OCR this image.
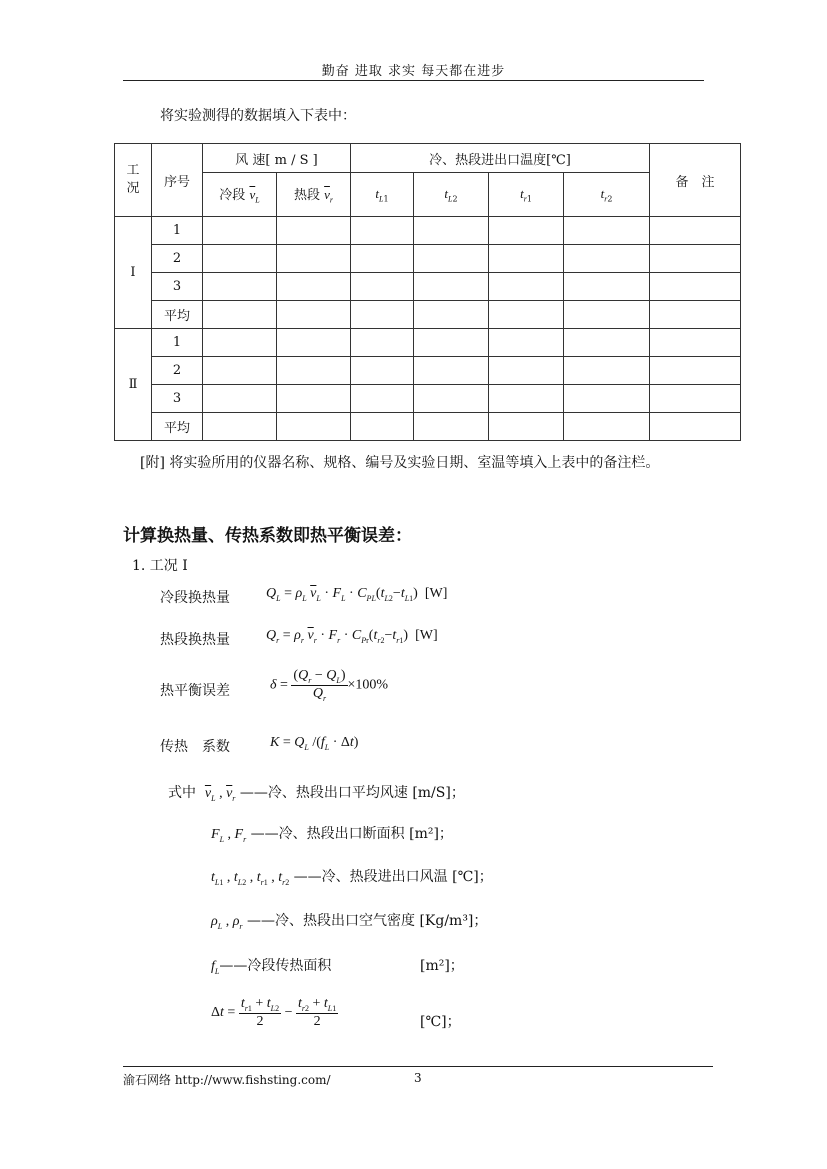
勤奋 进取 求实 每天都在进步
将实验测得的数据填入下表中：
工况	序号	风 速[ m / S ]		冷、热段进出口温度[℃]				备　注
		冷段 $\overline{v}_L$	热段 $\overline{v}_r$	$t_{L1}$	$t_{L2}$	$t_{r1}$	$t_{r2}$
Ⅰ	1							
	2							
	3							
	平均							
Ⅱ	1							
	2							
	3							
	平均							
[附] 将实验所用的仪器名称、规格、编号及实验日期、室温等填入上表中的备注栏。
计算换热量、传热系数即热平衡误差：
1. 工况 Ⅰ
冷段换热量	$Q_L = \rho_L$ $\overline{v}_L \cdot F_L \cdot C_{PL}(t_{L2}-t_{L1})$  [W]
热段换热量	$Q_r = \rho_r$ $\overline{v}_r \cdot F_r \cdot C_{Pr}(t_{r2}-t_{r1})$  [W]
热平衡误差	$\delta = \frac{(Q_r - Q_L)}{Q_r} \times 100\%$
传热　系数	$K = Q_L$ $/(f_L \cdot \Delta t)$
式中 $\overline{v}_L$ , $\overline{v}_r$ ——冷、热段出口平均风速 [m/S]；
$F_L$ , $F_r$ ——冷、热段出口断面积 [m²]；
$t_{L1}$ , $t_{L2}$ , $t_{r1}$ , $t_{r2}$ ——冷、热段进出口风温 [℃]；
$\rho_L$ , $\rho_r$ ——冷、热段出口空气密度 [Kg/m³]；
$f_L——$冷段传热面积	[m²]；
$\Delta t = \frac{t_{r1} + t_{L2}}{2} - \frac{t_{r2} + t_{L1}}{2}$	[℃]；
渝石网络 http://www.fishsting.com/	3
